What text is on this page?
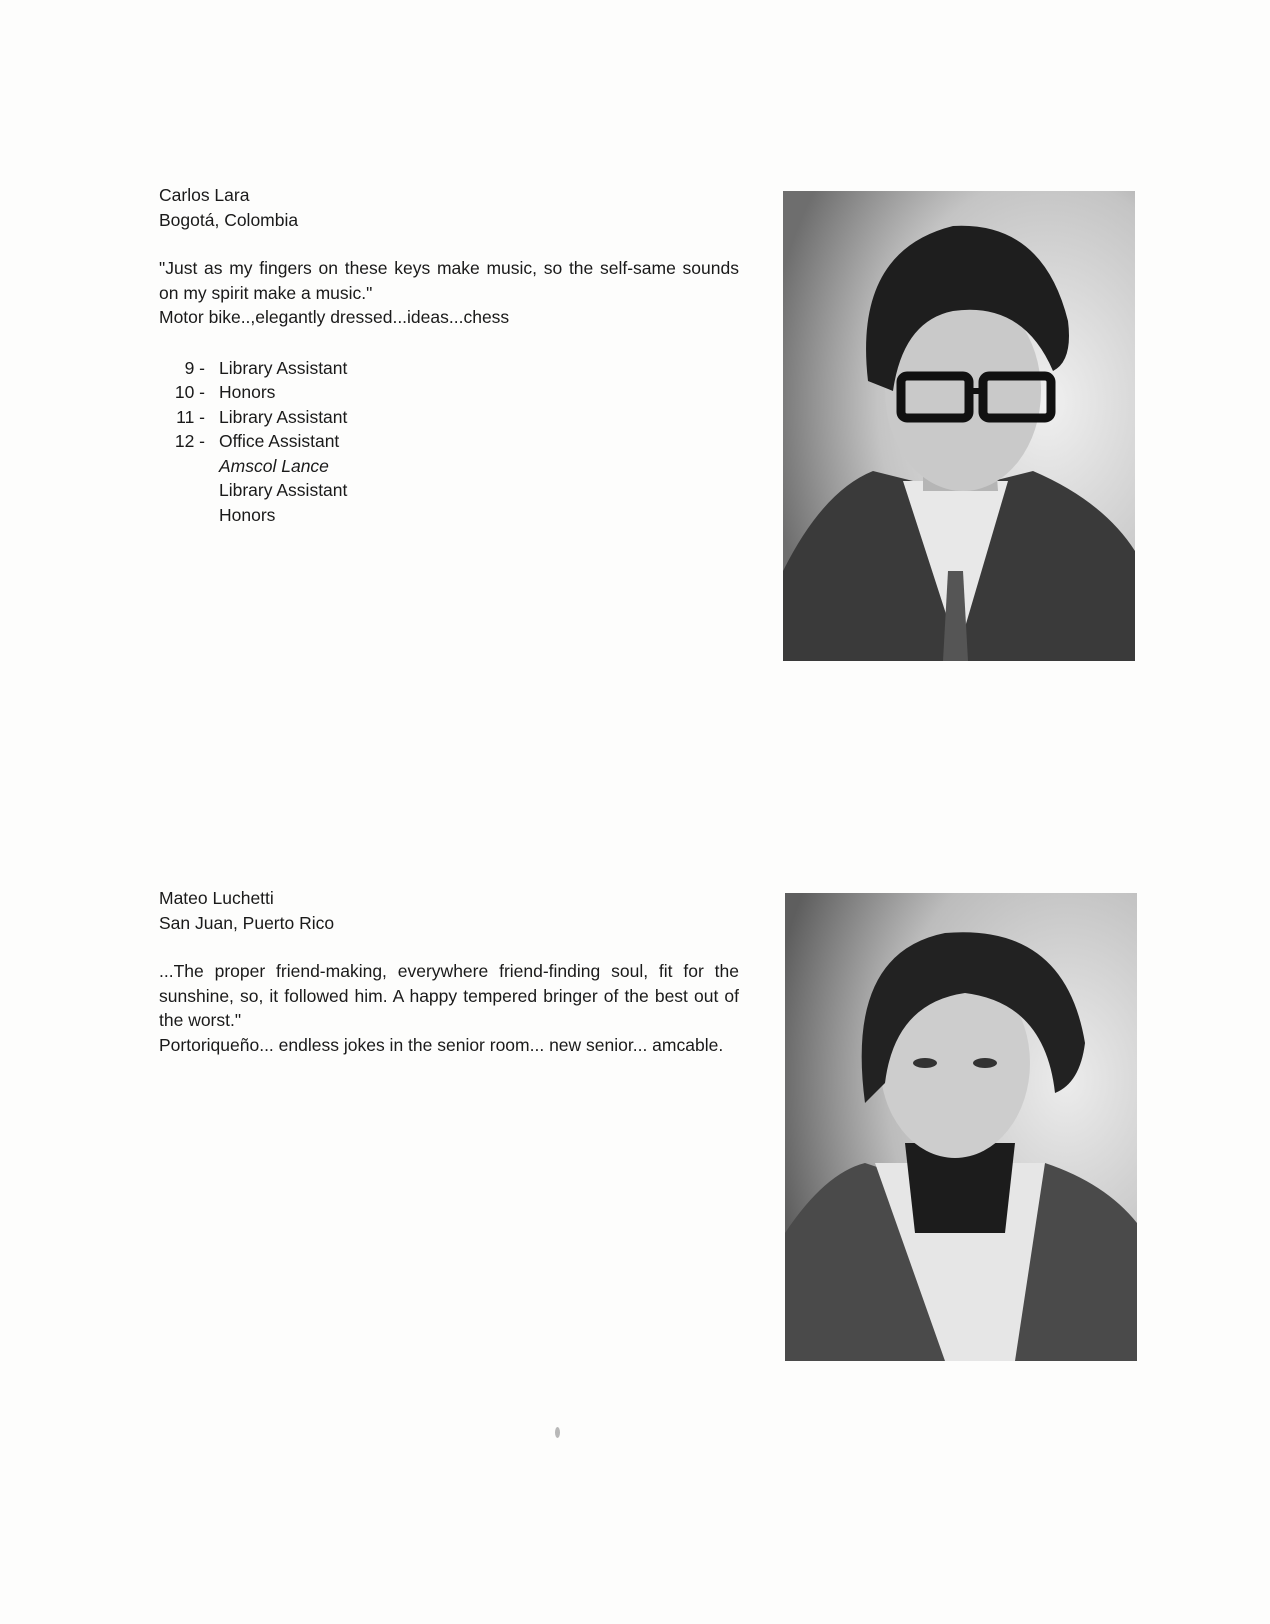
Carlos Lara
Bogotá, Colombia
"Just as my fingers on these keys make music, so the self-same sounds on my spirit make a music."
Motor bike..,elegantly dressed...ideas...chess
9 - Library Assistant
10 - Honors
11 - Library Assistant
12 - Office Assistant
Amscol Lance
Library Assistant
Honors
Mateo Luchetti
San Juan, Puerto Rico
...The proper friend-making, everywhere friend-finding soul, fit for the sunshine, so, it followed him. A happy tempered bringer of the best out of the worst."
Portoriqueño... endless jokes in the senior room... new senior... amcable.
